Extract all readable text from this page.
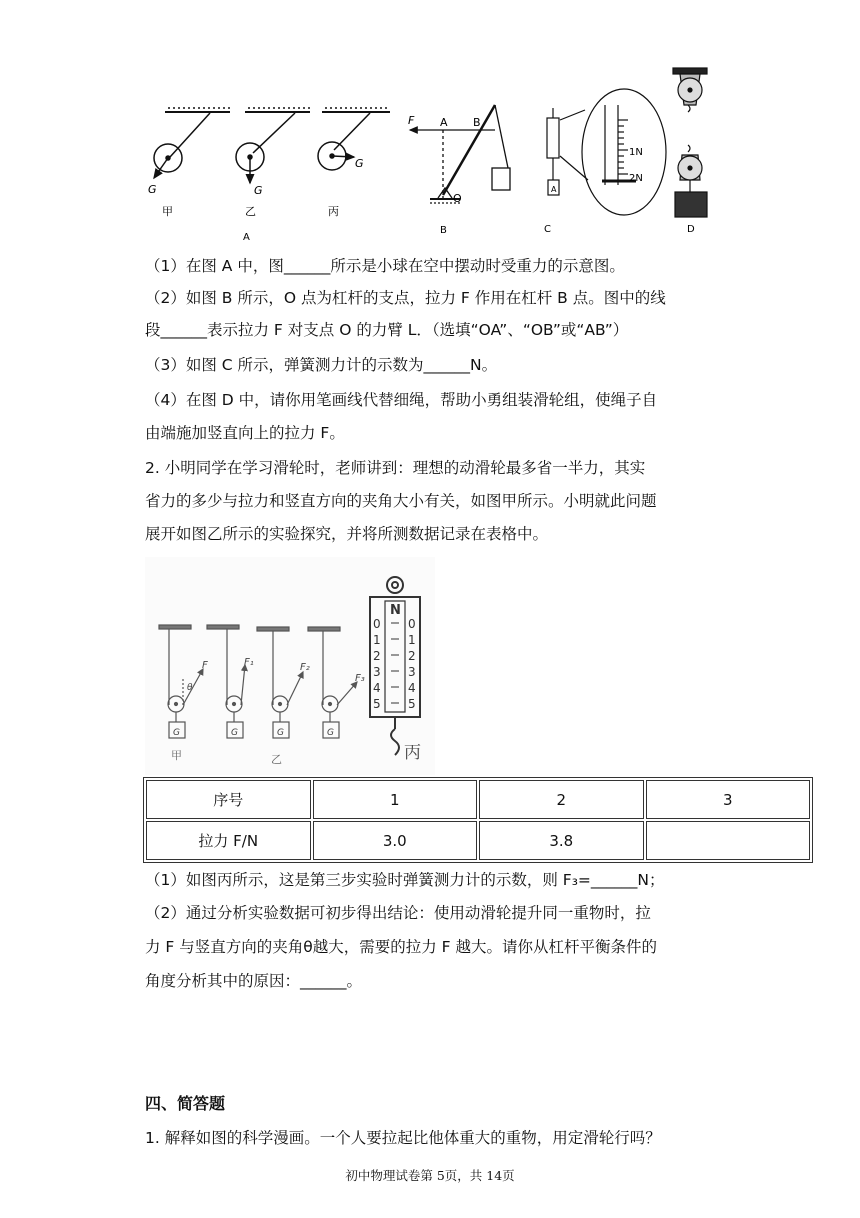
G	G
G
甲	乙	丙
A
F A B
O
B
1N
2N
A
C	D
（1）在图 A 中，图______所示是小球在空中摆动时受重力的示意图。
（2）如图 B 所示，O 点为杠杆的支点，拉力 F 作用在杠杆 B 点。图中的线
段______表示拉力 F 对支点 O 的力臂 L．（选填“OA”、“OB”或“AB”）
（3）如图 C 所示，弹簧测力计的示数为______N。
（4）在图 D 中，请你用笔画线代替细绳，帮助小勇组装滑轮组，使绳子自
由端施加竖直向上的拉力 F。
2. 小明同学在学习滑轮时，老师讲到：理想的动滑轮最多省一半力，其实
省力的多少与拉力和竖直方向的夹角大小有关，如图甲所示。小明就此问题
展开如图乙所示的实验探究，并将所测数据记录在表格中。
F
θ
F₁	F₂
F₃
G	G	G	G
甲	乙
N
0
1
2
3
4
5
0
1
2
3
4
5
丙
序号	1	2	3
拉力 F/N	3.0	3.8	
（1）如图丙所示，这是第三步实验时弹簧测力计的示数，则 F₃=______N；
（2）通过分析实验数据可初步得出结论：使用动滑轮提升同一重物时，拉
力 F 与竖直方向的夹角θ越大，需要的拉力 F 越大。请你从杠杆平衡条件的
角度分析其中的原因：______。
四、简答题
1. 解释如图的科学漫画。一个人要拉起比他体重大的重物，用定滑轮行吗？
初中物理试卷第 5页，共 14页
